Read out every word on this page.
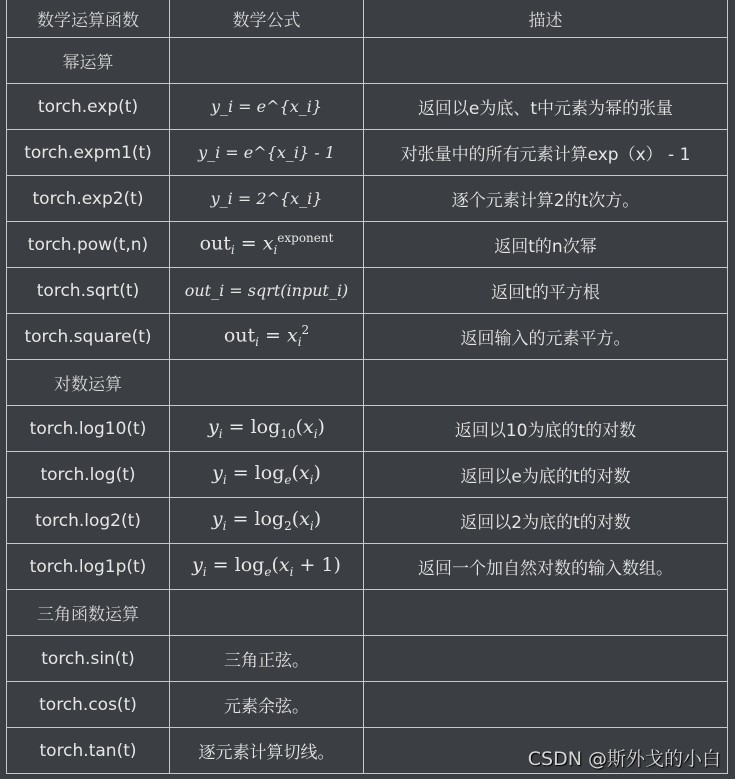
数学运算函数	数学公式	描述
幂运算		
torch.exp(t)	y_i = e^{x_i}	返回以e为底、t中元素为幂的张量
torch.expm1(t)	y_i = e^{x_i} - 1	对张量中的所有元素计算exp（x） - 1
torch.exp2(t)	y_i = 2^{x_i}	逐个元素计算2的t次方。
torch.pow(t,n)	$out_i = x_i^{exponent}$	返回t的n次幂
torch.sqrt(t)	out_i = sqrt(input_i)	返回t的平方根
torch.square(t)	$out_i = x_i^2$	返回输入的元素平方。
对数运算		
torch.log10(t)	$y_i = \log_{10}(x_i)$	返回以10为底的t的对数
torch.log(t)	$y_i = \log_e(x_i)$	返回以e为底的t的对数
torch.log2(t)	$y_i = \log_2(x_i)$	返回以2为底的t的对数
torch.log1p(t)	$y_i = \log_e(x_i + 1)$	返回一个加自然对数的输入数组。
三角函数运算		
torch.sin(t)	三角正弦。	
torch.cos(t)	元素余弦。	
torch.tan(t)	逐元素计算切线。		CSDN @斯外戈的小白
